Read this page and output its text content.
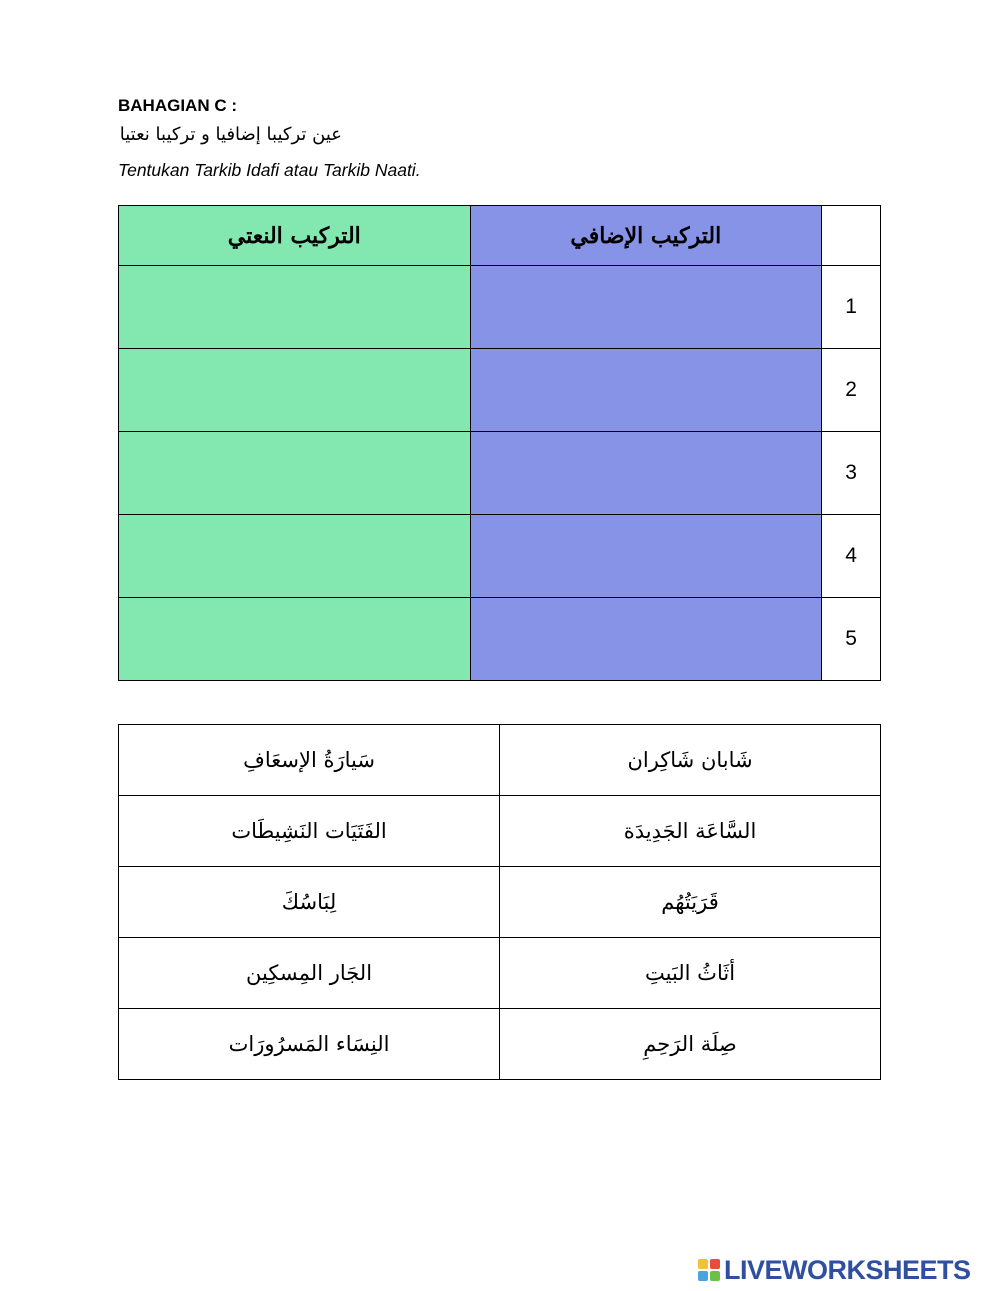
BAHAGIAN C :
عين تركيبا إضافيا و تركيبا نعتيا
Tentukan Tarkib Idafi atau Tarkib Naati.
التركيب النعتي	التركيب الإضافي	
		1
		2
		3
		4
		5
سَيارَةُ الإسعَافِ	شَابان شَاكِران
الفَتَيَات النَشِيطَات	السَّاعَة الجَدِيدَة
لِبَاسُكَ	قَرَيَتُهُم
الجَار المِسكِين	أثَاثُ البَيتِ
النِسَاء المَسرُورَات	صِلَة الرَحِمِ
LIVEWORKSHEETS
